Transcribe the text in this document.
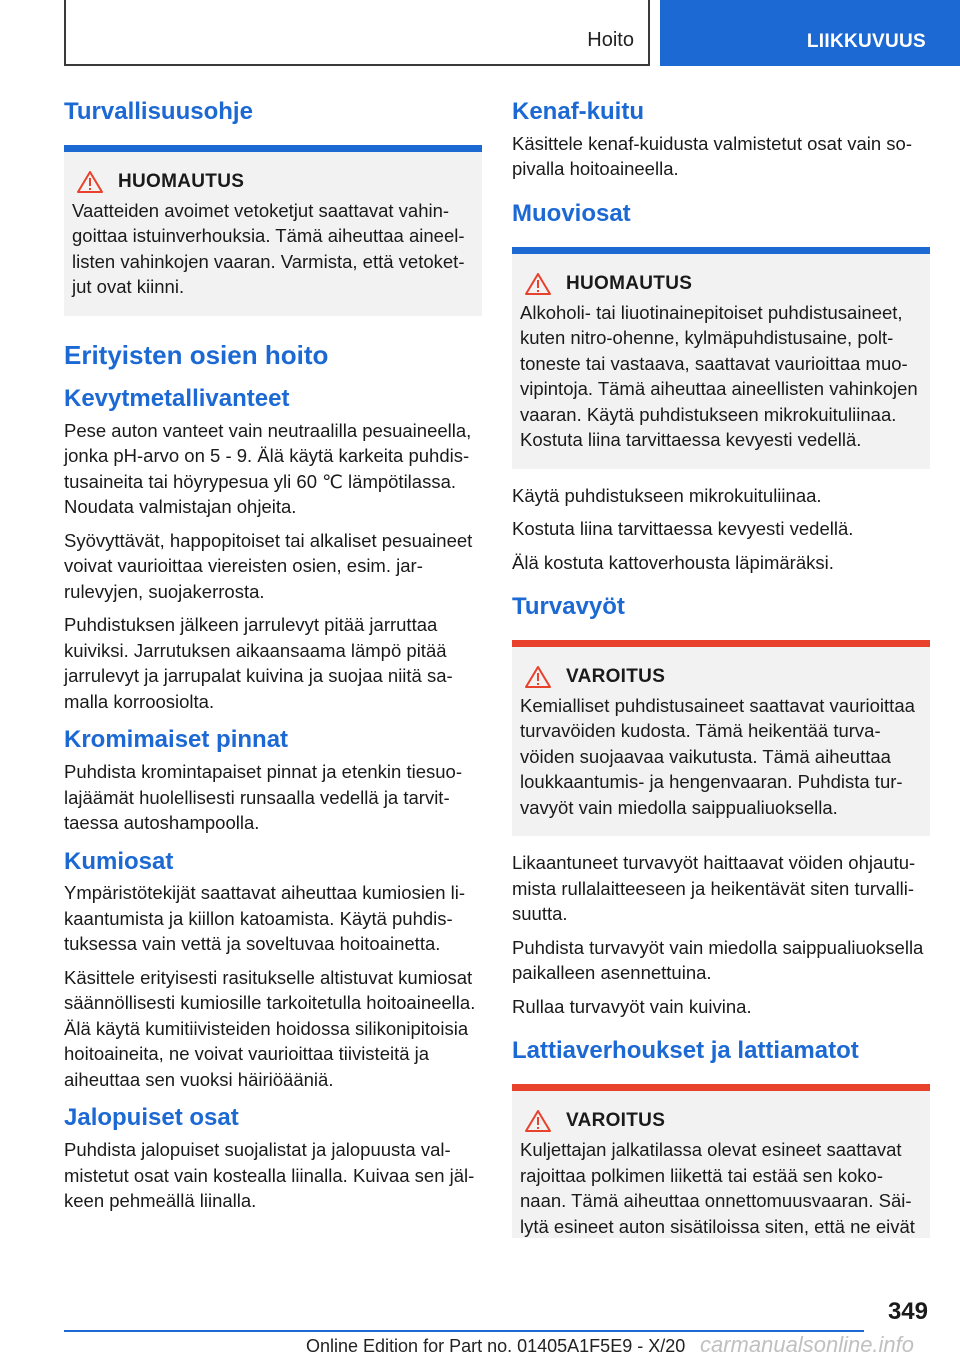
Hoito	LIIKKUVUUS
Turvallisuusohje
HUOMAUTUS

Vaatteiden avoimet vetoketjut saattavat vahingoittaa istuinverhouksia. Tämä aiheuttaa aineellisten vahinkojen vaaran. Varmista, että vetoketjut ovat kiinni.

Erityisten osien hoito
Kevytmetallivanteet

Pese auton vanteet vain neutraalilla pesuaineella, jonka pH-arvo on 5 - 9. Älä käytä karkeita puhdistusaineita tai höyrypesua yli 60 ℃ lämpötilassa. Noudata valmistajan ohjeita.

Syövyttävät, happopitoiset tai alkaliset pesuaineet voivat vaurioittaa viereisten osien, esim. jarrulevyjen, suojakerrosta.

Puhdistuksen jälkeen jarrulevyt pitää jarruttaa kuiviksi. Jarrutuksen aikaansaama lämpö pitää jarrulevyt ja jarrupalat kuivina ja suojaa niitä samalla korroosiolta.

Kromimaiset pinnat

Puhdista kromintapaiset pinnat ja etenkin tiesuolajäämät huolellisesti runsaalla vedellä ja tarvittaessa autoshampoolla.

Kumiosat

Ympäristötekijät saattavat aiheuttaa kumiosien likaantumista ja kiillon katoamista. Käytä puhdistuksessa vain vettä ja soveltuvaa hoitoainetta.

Käsittele erityisesti rasitukselle altistuvat kumiosat säännöllisesti kumiosille tarkoitetulla hoitoaineella. Älä käytä kumitiivisteiden hoidossa silikonipitoisia hoitoaineita, ne voivat vaurioittaa tiivisteitä ja aiheuttaa sen vuoksi häiriöääniä.

Jalopuiset osat

Puhdista jalopuiset suojalistat ja jalopuusta valmistetut osat vain kostealla liinalla. Kuivaa sen jälkeen pehmeällä liinalla.

Kenaf-kuitu

Käsittele kenaf-kuidusta valmistetut osat vain sopivalla hoitoaineella.

Muoviosat
HUOMAUTUS

Alkoholi- tai liuotinainepitoiset puhdistusaineet, kuten nitro-ohenne, kylmäpuhdistusaine, polttoneste tai vastaava, saattavat vaurioittaa muovipintoja. Tämä aiheuttaa aineellisten vahinkojen vaaran. Käytä puhdistukseen mikrokuituliinaa. Kostuta liina tarvittaessa kevyesti vedellä.

Käytä puhdistukseen mikrokuituliinaa.

Kostuta liina tarvittaessa kevyesti vedellä.

Älä kostuta kattoverhousta läpimäräksi.

Turvavyöt
VAROITUS

Kemialliset puhdistusaineet saattavat vaurioittaa turvavöiden kudosta. Tämä heikentää turvavöiden suojaavaa vaikutusta. Tämä aiheuttaa loukkaantumis- ja hengenvaaran. Puhdista turvavyöt vain miedolla saippualiuoksella.

Likaantuneet turvavyöt haittaavat vöiden ohjautumista rullalaitteeseen ja heikentävät siten turvallisuutta.

Puhdista turvavyöt vain miedolla saippualiuoksella paikalleen asennettuina.

Rullaa turvavyöt vain kuivina.

Lattiaverhoukset ja lattiamatot
VAROITUS

Kuljettajan jalkatilassa olevat esineet saattavat rajoittaa polkimen liikettä tai estää sen kokonaan. Tämä aiheuttaa onnettomuusvaaran. Säilytä esineet auton sisätiloissa siten, että ne eivät

349
Online Edition for Part no. 01405A1F5E9 - X/20 carmanualsonline.info
